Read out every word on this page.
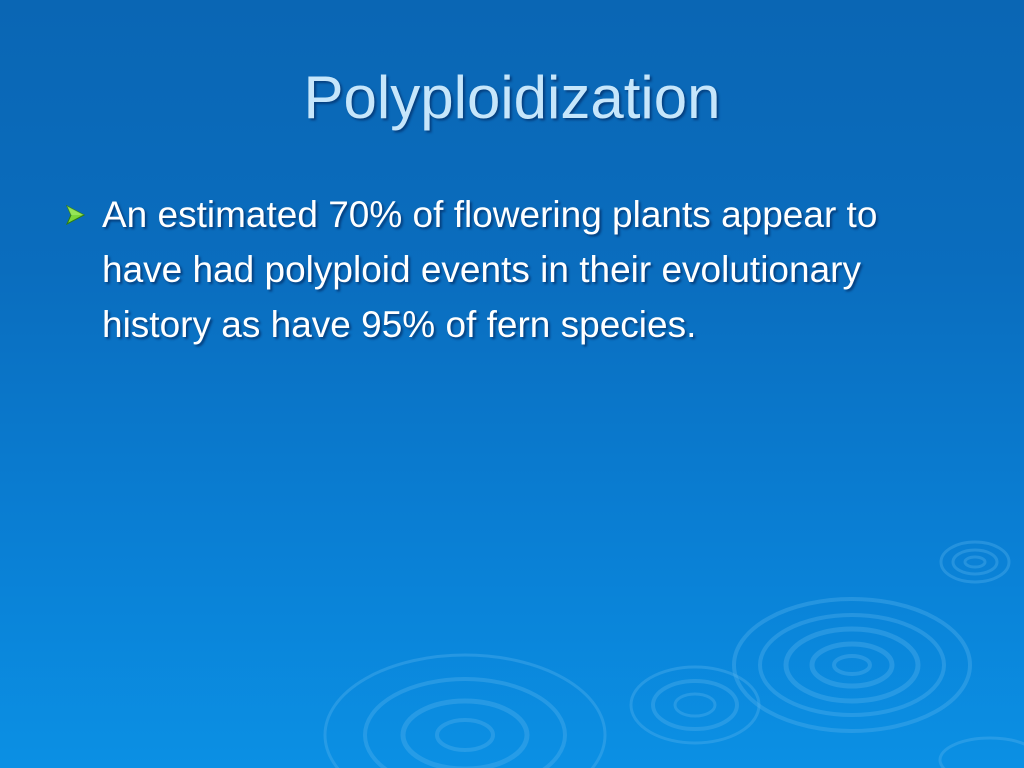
Polyploidization
An estimated 70% of flowering plants appear to have had polyploid events in their evolutionary history as have 95% of fern species.
